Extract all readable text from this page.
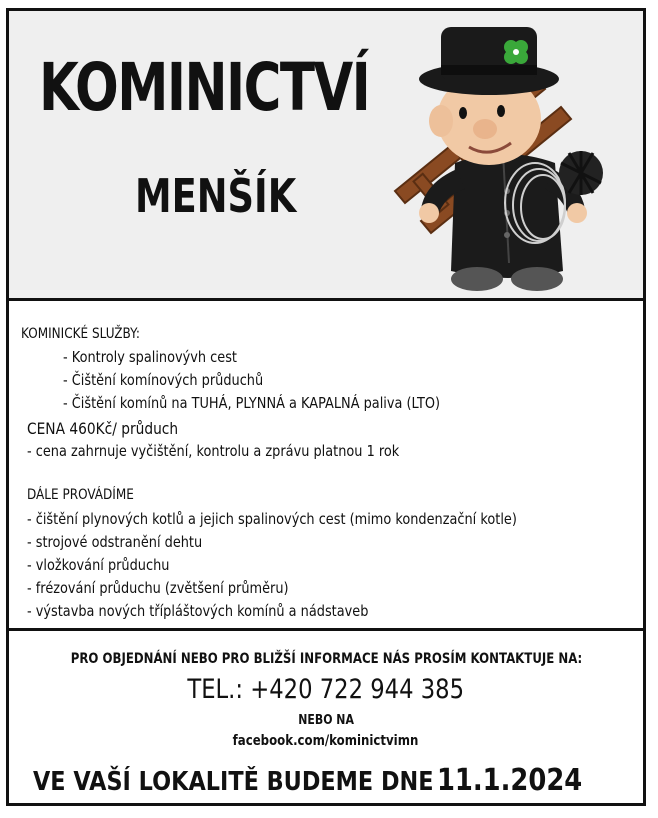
KOMINICTVÍ
MENŠÍK
KOMINICKÉ SLUŽBY:
- Kontroly spalinovývh cest
- Čištění komínových průduchů
- Čištění komínů na TUHÁ, PLYNNÁ a KAPALNÁ paliva (LTO)
CENA 460Kč/ průduch
- cena zahrnuje vyčištění, kontrolu a zprávu platnou 1 rok
DÁLE PROVÁDÍME
- čištění plynových kotlů a jejich spalinových cest (mimo kondenzační kotle)
- strojové odstranění dehtu
- vložkování průduchu
- frézování průduchu (zvětšení průměru)
- výstavba nových třípláštových komínů a nádstaveb
PRO OBJEDNÁNÍ NEBO PRO BLIŽŠÍ INFORMACE NÁS PROSÍM KONTAKTUJE NA:
TEL.: +420 722 944 385
NEBO NA
facebook.com/kominictvimn
VE VAŠÍ LOKALITĚ BUDEME DNE 11.1.2024
